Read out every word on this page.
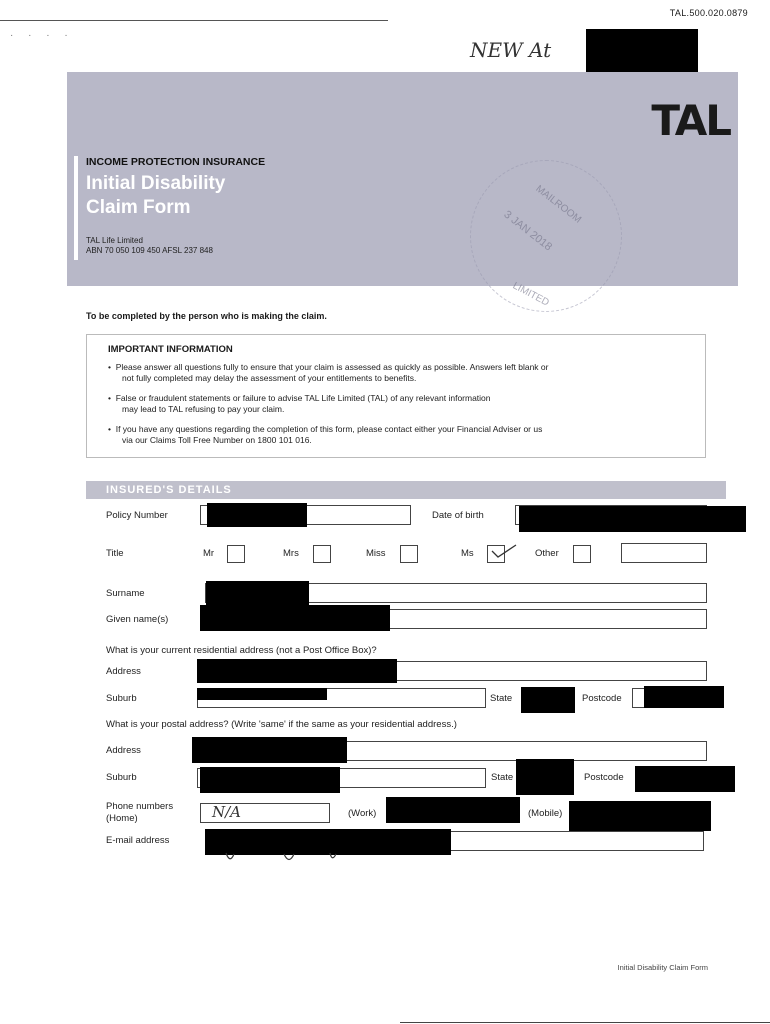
TAL.500.020.0879
· · · ·
NEW At
TAL
INCOME PROTECTION INSURANCE
Initial Disability
Claim Form
TAL Life Limited
ABN 70 050 109 450 AFSL 237 848
MAILROOM
3 JAN 2018
LIMITED
To be completed by the person who is making the claim.
IMPORTANT INFORMATION
•  Please answer all questions fully to ensure that your claim is assessed as quickly as possible. Answers left blank or
not fully completed may delay the assessment of your entitlements to benefits.
•  False or fraudulent statements or failure to advise TAL Life Limited (TAL) of any relevant information
may lead to TAL refusing to pay your claim.
•  If you have any questions regarding the completion of this form, please contact either your Financial Adviser or us
via our Claims Toll Free Number on 1800 101 016.
INSURED'S DETAILS
Policy Number	Date of birth
Title	Mr	Mrs	Miss	Ms	Other
Surname
Given name(s)
What is your current residential address (not a Post Office Box)?
Address
Suburb	State	Postcode
What is your postal address? (Write 'same' if the same as your residential address.)
Address
Suburb	State	Postcode
Phone numbers
(Home)	N/A	(Work)	(Mobile)
E-mail address
Initial Disability Claim Form
